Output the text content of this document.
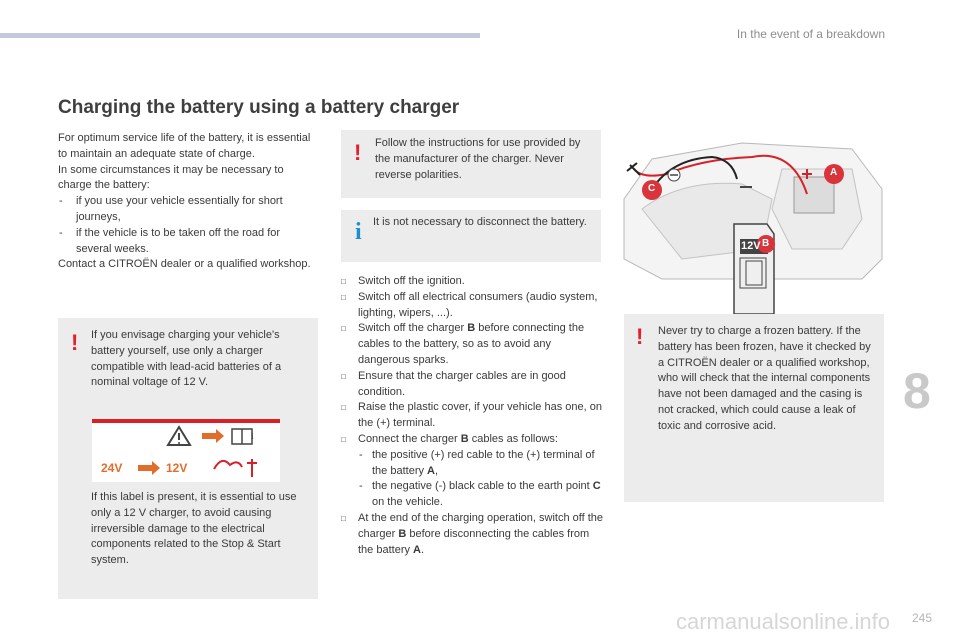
In the event of a breakdown
Charging the battery using a battery charger

For optimum service life of the battery, it is essential to maintain an adequate state of charge.

In some circumstances it may be necessary to charge the battery:

- if you use your vehicle essentially for short journeys,

- if the vehicle is to be taken off the road for several weeks.

Contact a CITROËN dealer or a qualified workshop.

! If you envisage charging your vehicle's battery yourself, use only a charger compatible with lead-acid batteries of a nominal voltage of 12 V.
i
24V	12V
If this label is present, it is essential to use only a 12 V charger, to avoid causing irreversible damage to the electrical components related to the Stop & Start system.
! Follow the instructions for use provided by the manufacturer of the charger. Never reverse polarities.
i It is not necessary to disconnect the battery.
□ Switch off the ignition.
□ Switch off all electrical consumers (audio system, lighting, wipers, ...).
□ Switch off the charger B before connecting the cables to the battery, so as to avoid any dangerous sparks.
□ Ensure that the charger cables are in good condition.
□ Raise the plastic cover, if your vehicle has one, on the (+) terminal.
□ Connect the charger B cables as follows:
- the positive (+) red cable to the (+) terminal of the battery A,
- the negative (-) black cable to the earth point C on the vehicle.
□ At the end of the charging operation, switch off the charger B before disconnecting the cables from the battery A.
A
C
B
12V
! Never try to charge a frozen battery. If the battery has been frozen, have it checked by a CITROËN dealer or a qualified workshop, who will check that the internal components have not been damaged and the casing is not cracked, which could cause a leak of toxic and corrosive acid.
8
carmanualsonline.info 245
